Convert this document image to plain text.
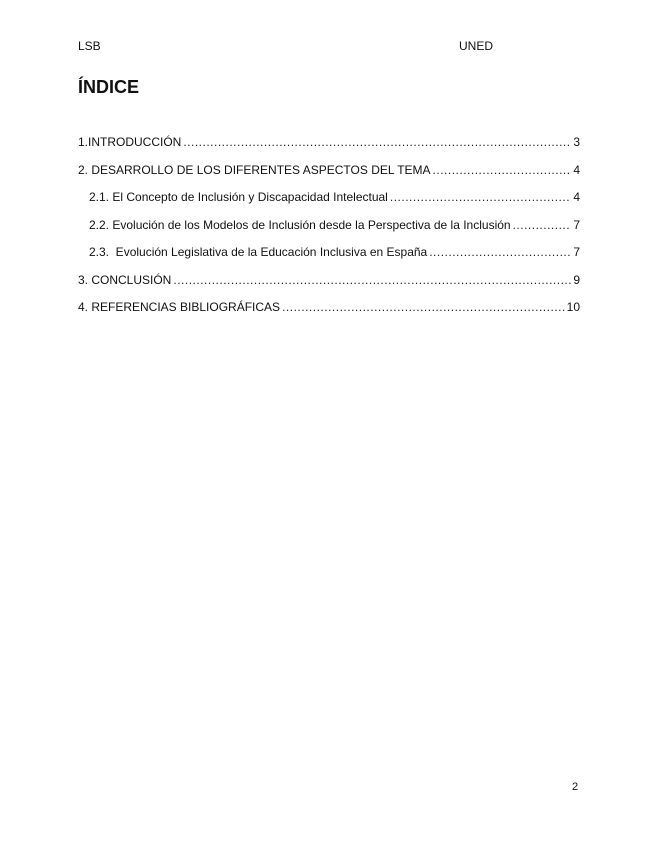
LSB	UNED
ÍNDICE
1.INTRODUCCIÓN .....	3
2. DESARROLLO DE LOS DIFERENTES ASPECTOS DEL TEMA .....	4
2.1. El Concepto de Inclusión y Discapacidad Intelectual .....	4
2.2. Evolución de los Modelos de Inclusión desde la Perspectiva de la Inclusión .....	7
2.3.  Evolución Legislativa de la Educación Inclusiva en España .....	7
3. CONCLUSIÓN .....	9
4. REFERENCIAS BIBLIOGRÁFICAS .....	10
2
